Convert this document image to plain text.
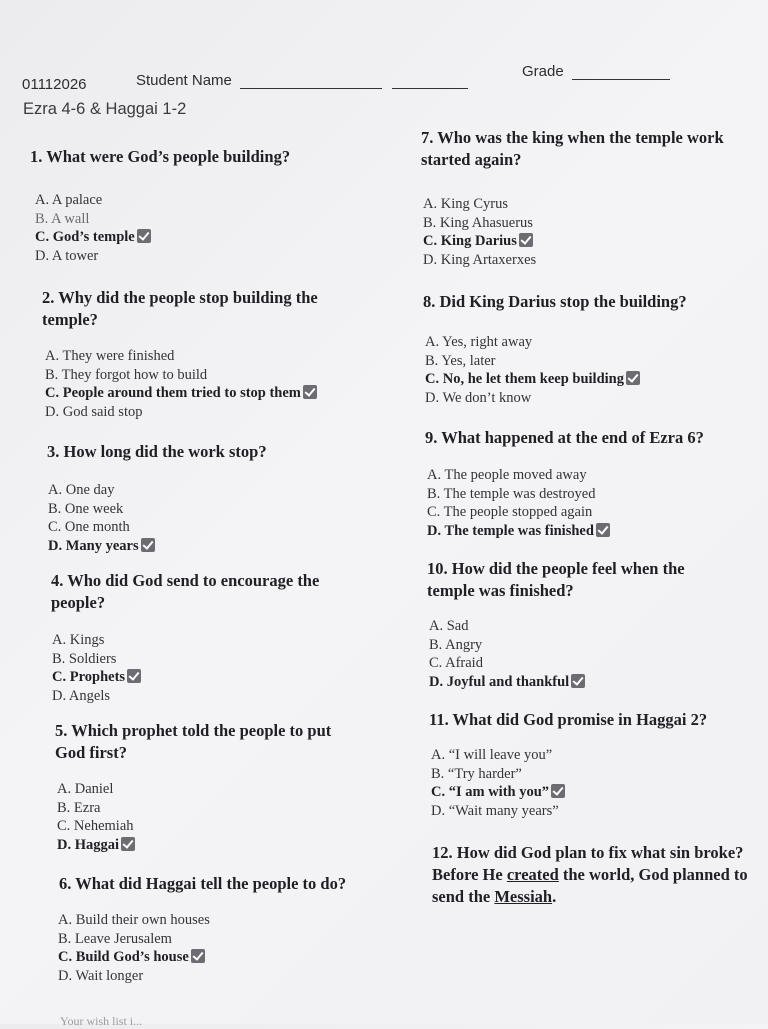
01112026	Student Name
Grade
Ezra 4-6 & Haggai 1-2
1. What were God’s people building?
A. A palace
B. A wall
C. God’s temple
D. A tower
2. Why did the people stop building the temple?
A. They were finished
B. They forgot how to build
C. People around them tried to stop them
D. God said stop
3. How long did the work stop?
A. One day
B. One week
C. One month
D. Many years
4. Who did God send to encourage the people?
A. Kings
B. Soldiers
C. Prophets
D. Angels
5. Which prophet told the people to put God first?
A. Daniel
B. Ezra
C. Nehemiah
D. Haggai
6. What did Haggai tell the people to do?
A. Build their own houses
B. Leave Jerusalem
C. Build God’s house
D. Wait longer
7. Who was the king when the temple work started again?
A. King Cyrus
B. King Ahasuerus
C. King Darius
D. King Artaxerxes
8. Did King Darius stop the building?
A. Yes, right away
B. Yes, later
C. No, he let them keep building
D. We don’t know
9. What happened at the end of Ezra 6?
A. The people moved away
B. The temple was destroyed
C. The people stopped again
D. The temple was finished
10. How did the people feel when the temple was finished?
A. Sad
B. Angry
C. Afraid
D. Joyful and thankful
11. What did God promise in Haggai 2?
A. “I will leave you”
B. “Try harder”
C. “I am with you”
D. “Wait many years”
12. How did God plan to fix what sin broke? Before He created the world, God planned to send the Messiah.
Your wish list i...
